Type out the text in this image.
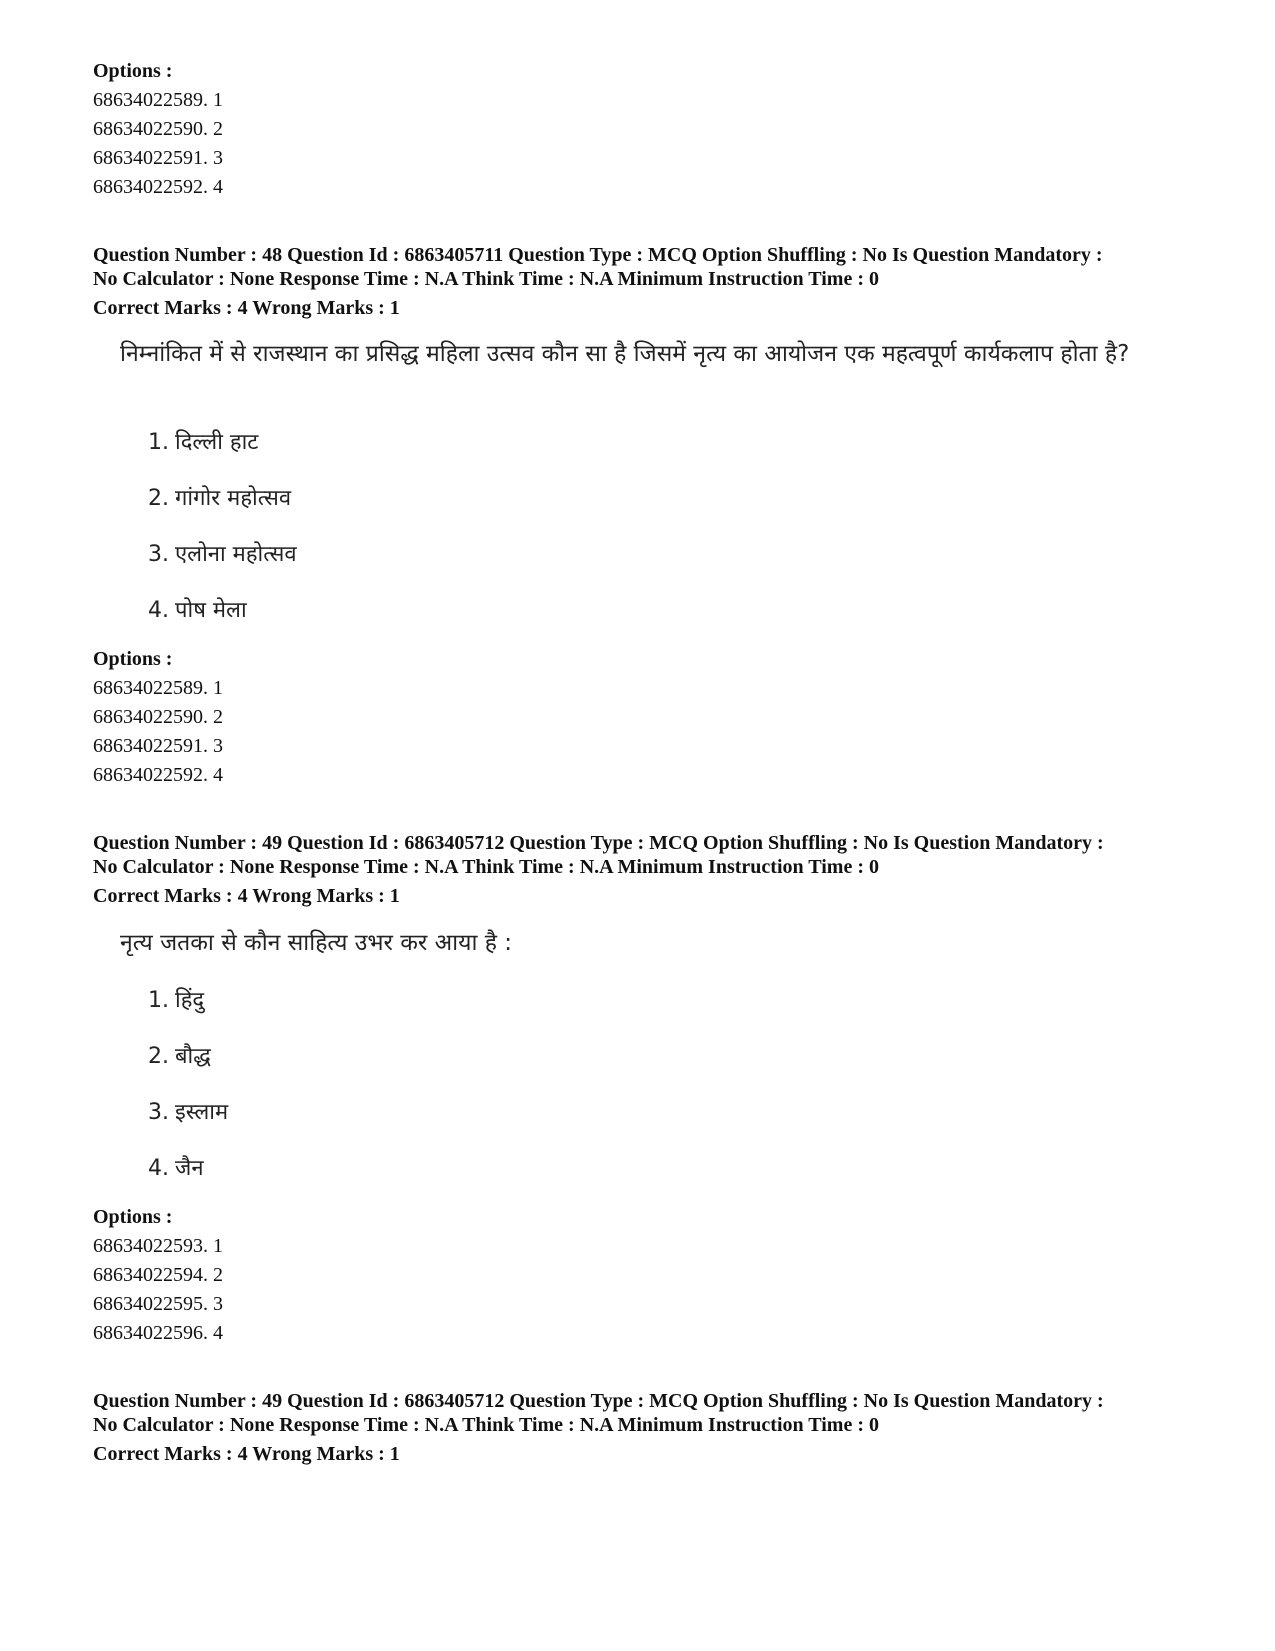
Options :
68634022589. 1
68634022590. 2
68634022591. 3
68634022592. 4
Question Number : 48 Question Id : 6863405711 Question Type : MCQ Option Shuffling : No Is Question Mandatory :
No Calculator : None Response Time : N.A Think Time : N.A Minimum Instruction Time : 0
Correct Marks : 4 Wrong Marks : 1
निम्नांकित में से राजस्थान का प्रसिद्ध महिला उत्सव कौन सा है जिसमें नृत्य का आयोजन एक महत्वपूर्ण कार्यकलाप होता है?
1. दिल्ली हाट
2. गांगोर महोत्सव
3. एलोना महोत्सव
4. पोष मेला
Options :
68634022589. 1
68634022590. 2
68634022591. 3
68634022592. 4
Question Number : 49 Question Id : 6863405712 Question Type : MCQ Option Shuffling : No Is Question Mandatory :
No Calculator : None Response Time : N.A Think Time : N.A Minimum Instruction Time : 0
Correct Marks : 4 Wrong Marks : 1
नृत्य जतका से कौन साहित्य उभर कर आया है :
1. हिंदु
2. बौद्ध
3. इस्लाम
4. जैन
Options :
68634022593. 1
68634022594. 2
68634022595. 3
68634022596. 4
Question Number : 49 Question Id : 6863405712 Question Type : MCQ Option Shuffling : No Is Question Mandatory :
No Calculator : None Response Time : N.A Think Time : N.A Minimum Instruction Time : 0
Correct Marks : 4 Wrong Marks : 1
